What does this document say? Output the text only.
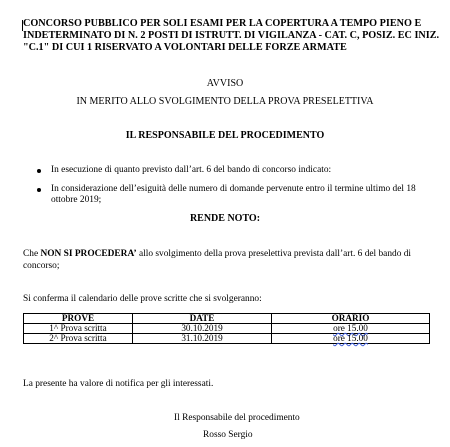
CONCORSO PUBBLICO PER SOLI ESAMI PER LA COPERTURA A TEMPO PIENO E
INDETERMINATO DI N. 2 POSTI DI ISTRUTT. DI VIGILANZA - CAT. C, POSIZ. EC INIZ.
"C.1" DI CUI 1 RISERVATO A VOLONTARI DELLE FORZE ARMATE
AVVISO
IN MERITO ALLO SVOLGIMENTO DELLA PROVA PRESELETTIVA
IL RESPONSABILE DEL PROCEDIMENTO
In esecuzione di quanto previsto dall’art. 6 del bando di concorso indicato:
In considerazione dell’esiguità delle numero di domande pervenute entro il termine ultimo del 18 ottobre 2019;
RENDE NOTO:
Che NON SI PROCEDERA’ allo svolgimento della prova preselettiva prevista dall’art. 6 del bando di concorso;
Si conferma il calendario delle prove scritte che si svolgeranno:
PROVE	DATE	ORARIO
1^ Prova scritta	30.10.2019	ore 15.00
2^ Prova scritta	31.10.2019	ore 15.00
La presente ha valore di notifica per gli interessati.
Il Responsabile del procedimento
Rosso Sergio
